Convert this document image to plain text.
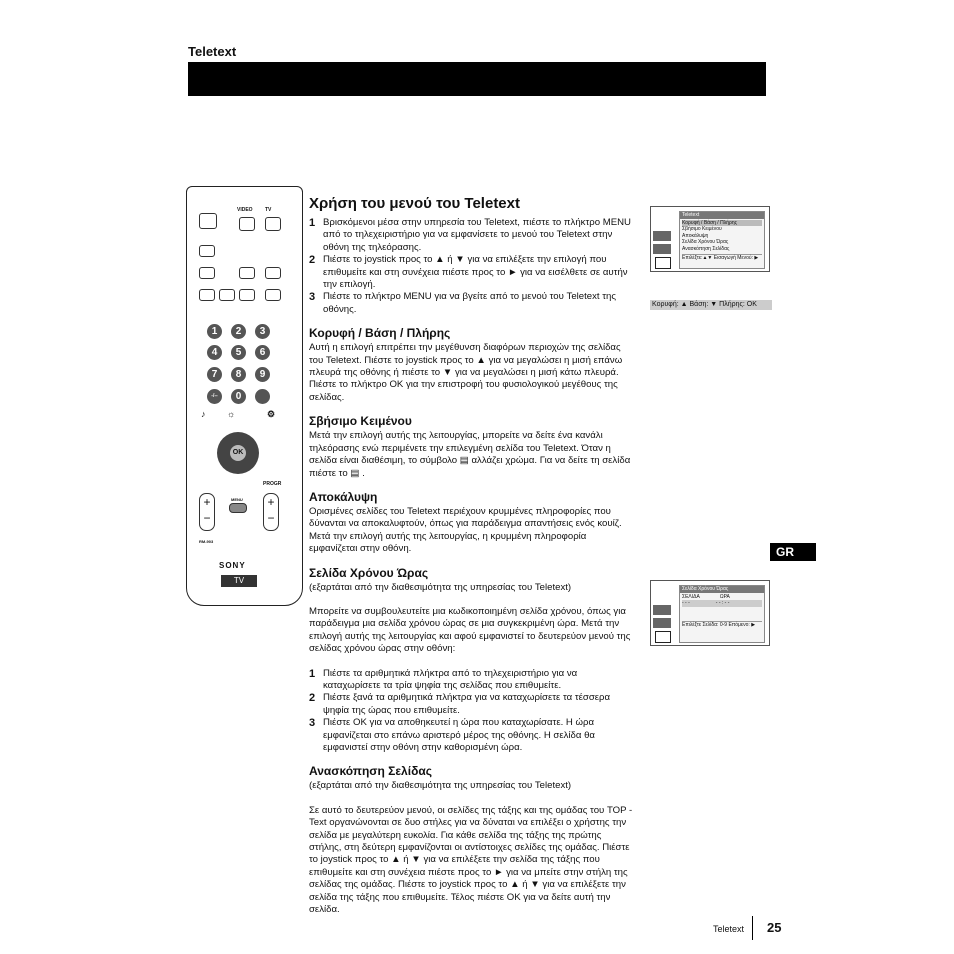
Teletext
VIDEO TV
1	2	3
4	5	6
7	8	9
-/--	0
♪ ☼	⚙
OK
PROGR
+
−
+
−
MENU
RM-903
SONY
TV
Χρήση του μενού του Teletext
1 Βρισκόμενοι μέσα στην υπηρεσία του Teletext, πιέστε το πλήκτρο MENU από το τηλεχειριστήριο για να εμφανίσετε το μενού του Teletext στην οθόνη της τηλεόρασης.
2 Πιέστε το joystick προς το ▲ ή ▼ για να επιλέξετε την επιλογή που επιθυμείτε και στη συνέχεια πιέστε προς το ► για να εισέλθετε σε αυτήν την επιλογή.
3 Πιέστε το πλήκτρο MENU για να βγείτε από το μενού του Teletext της οθόνης.
Κορυφή / Βάση / Πλήρης

Αυτή η επιλογή επιτρέπει την μεγέθυνση διαφόρων περιοχών της σελίδας του Teletext. Πιέστε το joystick προς το ▲ για να μεγαλώσει η μισή επάνω πλευρά της οθόνης ή πιέστε το ▼ για να μεγαλώσει η μισή κάτω πλευρά. Πιέστε το πλήκτρο OK για την επιστροφή του φυσιολογικού μεγέθους της σελίδας.

Σβήσιμο Κειμένου

Μετά την επιλογή αυτής της λειτουργίας, μπορείτε να δείτε ένα κανάλι τηλεόρασης ενώ περιμένετε την επιλεγμένη σελίδα του Teletext. Όταν η σελίδα είναι διαθέσιμη, το σύμβολο ▤ αλλάζει χρώμα. Για να δείτε τη σελίδα πιέστε το ▤ .

Αποκάλυψη

Ορισμένες σελίδες του Teletext περιέχουν κρυμμένες πληροφορίες που δύνανται να αποκαλυφτούν, όπως για παράδειγμα απαντήσεις ενός κουίζ. Μετά την επιλογή αυτής της λειτουργίας, η κρυμμένη πληροφορία εμφανίζεται στην οθόνη.

Σελίδα Χρόνου Ώρας

(εξαρτάται από την διαθεσιμότητα της υπηρεσίας του Teletext)

Μπορείτε να συμβουλευτείτε μια κωδικοποιημένη σελίδα χρόνου, όπως για παράδειγμα μια σελίδα χρόνου ώρας σε μια συγκεκριμένη ώρα. Μετά την επιλογή αυτής της λειτουργίας και αφού εμφανιστεί το δευτερεύον μενού της σελίδας χρόνου ώρας στην οθόνη:

1 Πιέστε τα αριθμητικά πλήκτρα από το τηλεχειριστήριο για να καταχωρίσετε τα τρία ψηφία της σελίδας που επιθυμείτε.
2 Πιέστε ξανά τα αριθμητικά πλήκτρα για να καταχωρίσετε τα τέσσερα ψηφία της ώρας που επιθυμείτε.
3 Πιέστε OK για να αποθηκευτεί η ώρα που καταχωρίσατε. Η ώρα εμφανίζεται στο επάνω αριστερό μέρος της οθόνης. Η σελίδα θα εμφανιστεί στην οθόνη στην καθορισμένη ώρα.
Ανασκόπηση Σελίδας

(εξαρτάται από την διαθεσιμότητα της υπηρεσίας του Teletext)

Σε αυτό το δευτερεύον μενού, οι σελίδες της τάξης και της ομάδας του TOP - Text οργανώνονται σε δυο στήλες για να δύναται να επιλέξει ο χρήστης την σελίδα με μεγαλύτερη ευκολία. Για κάθε σελίδα της τάξης της πρώτης στήλης, στη δεύτερη εμφανίζονται οι αντίστοιχες σελίδες της ομάδας. Πιέστε το joystick προς το ▲ ή ▼ για να επιλέξετε την σελίδα της τάξης που επιθυμείτε και στη συνέχεια πιέστε προς το ► για να μπείτε στην στήλη της σελίδας της ομάδας. Πιέστε το joystick προς το ▲ ή ▼ για να επιλέξετε την σελίδα της τάξης που επιθυμείτε. Τέλος πιέστε OK για να δείτε αυτή την σελίδα.

Teletext
Κορυφή / Βάση / Πλήρης
Σβήσιμο Κειμένου
Αποκάλυψη
Σελίδα Χρόνου Ώρας
Ανασκόπηση Σελίδας
Επιλέξτε:▲▼ Εισαγωγή Μενού: ▶
Κορυφή: ▲ Βάση: ▼ Πλήρης: OK
Σελίδα Χρόνου Ώρας
ΣΕΛΙΔΑ	ΩΡΑ
- - -	- - : - -
Επιλέξτε Σελίδα: 0-9 Επόμενο: ▶
GR
Teletext 25
